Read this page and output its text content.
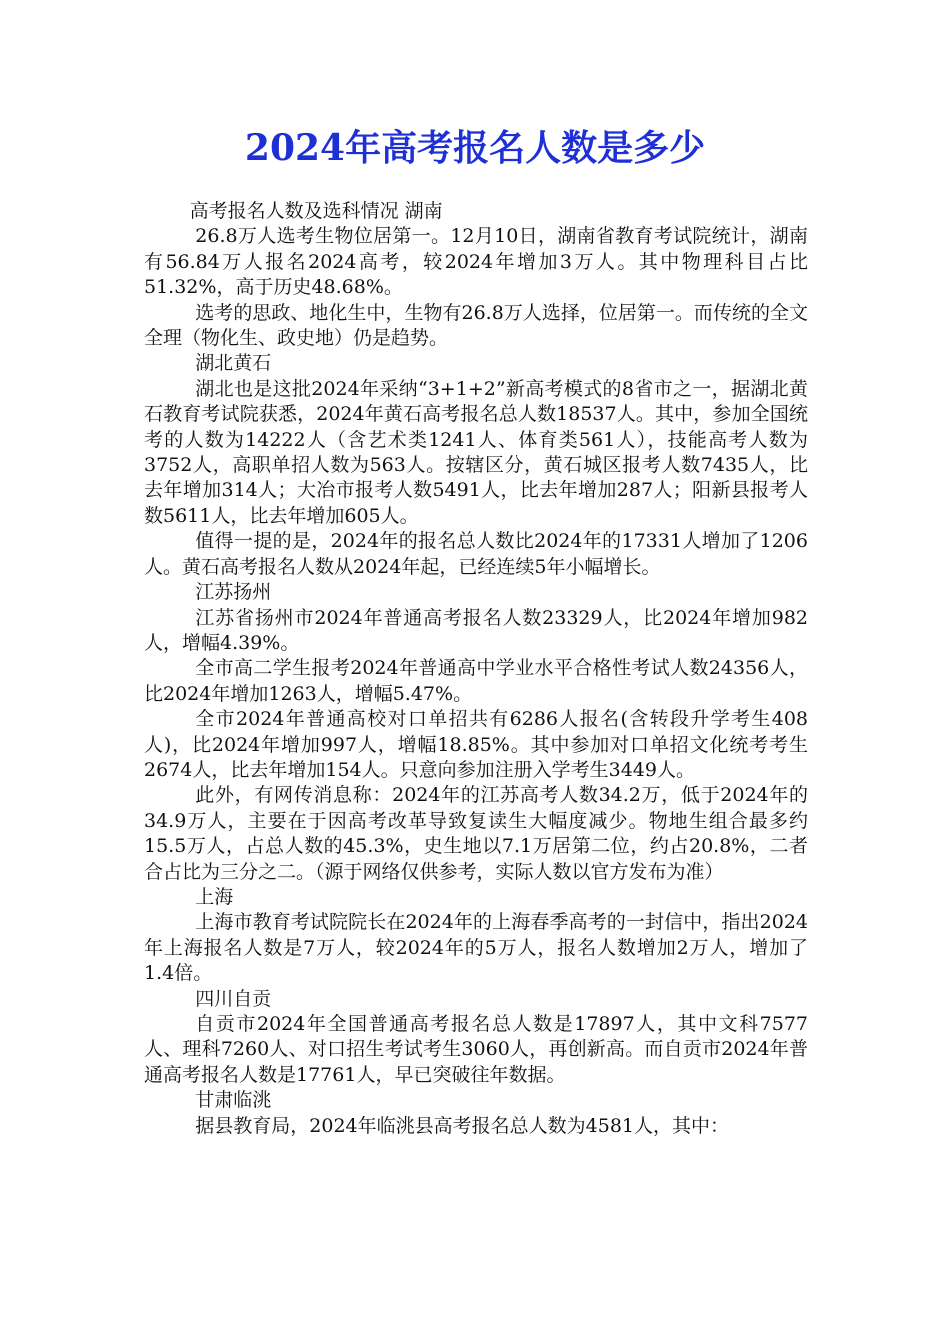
2024年高考报名人数是多少

高考报名人数及选科情况 湖南

26.8万人选考生物位居第一。12月10日，湖南省教育考试院统计，湖南有56.84万人报名2024高考，较2024年增加3万人。其中物理科目占比51.32%，高于历史48.68%。

选考的思政、地化生中，生物有26.8万人选择，位居第一。而传统的全文全理（物化生、政史地）仍是趋势。

湖北黄石

湖北也是这批2024年采纳“3+1+2”新高考模式的8省市之一，据湖北黄石教育考试院获悉，2024年黄石高考报名总人数18537人。其中，参加全国统考的人数为14222人（含艺术类1241人、体育类561人），技能高考人数为3752人，高职单招人数为563人。按辖区分，黄石城区报考人数7435人，比去年增加314人；大冶市报考人数5491人，比去年增加287人；阳新县报考人数5611人，比去年增加605人。

值得一提的是，2024年的报名总人数比2024年的17331人增加了1206人。黄石高考报名人数从2024年起，已经连续5年小幅增长。

江苏扬州

江苏省扬州市2024年普通高考报名人数23329人，比2024年增加982人，增幅4.39%。

全市高二学生报考2024年普通高中学业水平合格性考试人数24356人，比2024年增加1263人，增幅5.47%。

全市2024年普通高校对口单招共有6286人报名(含转段升学考生408人)，比2024年增加997人，增幅18.85%。其中参加对口单招文化统考考生2674人，比去年增加154人。只意向参加注册入学考生3449人。

此外，有网传消息称：2024年的江苏高考人数34.2万，低于2024年的34.9万人，主要在于因高考改革导致复读生大幅度减少。物地生组合最多约15.5万人，占总人数的45.3%，史生地以7.1万居第二位，约占20.8%，二者合占比为三分之二。（源于网络仅供参考，实际人数以官方发布为准）

上海

上海市教育考试院院长在2024年的上海春季高考的一封信中，指出2024年上海报名人数是7万人，较2024年的5万人，报名人数增加2万人，增加了1.4倍。

四川自贡

自贡市2024年全国普通高考报名总人数是17897人，其中文科7577人、理科7260人、对口招生考试考生3060人，再创新高。而自贡市2024年普通高考报名人数是17761人，早已突破往年数据。

甘肃临洮

据县教育局，2024年临洮县高考报名总人数为4581人，其中：
